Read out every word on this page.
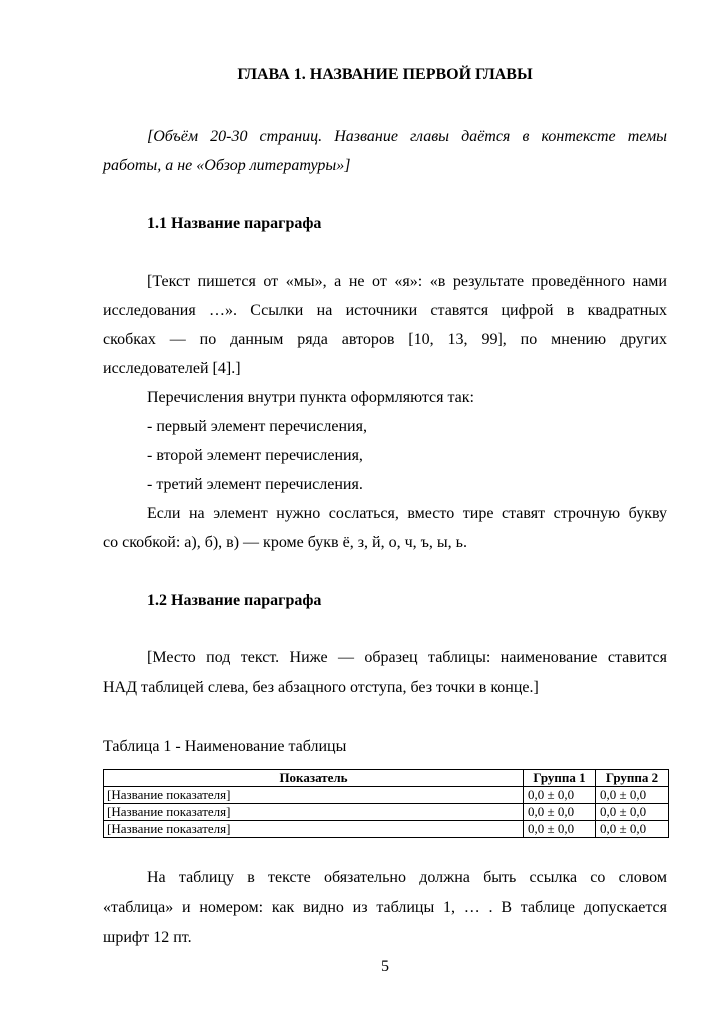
ГЛАВА 1. НАЗВАНИЕ ПЕРВОЙ ГЛАВЫ
[Объём 20-30 страниц. Название главы даётся в контексте темы
работы, а не «Обзор литературы»]
1.1 Название параграфа
[Текст пишется от «мы», а не от «я»: «в результате проведённого нами
исследования …». Ссылки на источники ставятся цифрой в квадратных
скобках — по данным ряда авторов [10, 13, 99], по мнению других
исследователей [4].]
Перечисления внутри пункта оформляются так:
- первый элемент перечисления,
- второй элемент перечисления,
- третий элемент перечисления.
Если на элемент нужно сослаться, вместо тире ставят строчную букву
со скобкой: а), б), в) — кроме букв ё, з, й, о, ч, ъ, ы, ь.
1.2 Название параграфа
[Место под текст. Ниже — образец таблицы: наименование ставится
НАД таблицей слева, без абзацного отступа, без точки в конце.]
Таблица 1 - Наименование таблицы
Показатель	Группа 1	Группа 2
[Название показателя]	0,0 ± 0,0	0,0 ± 0,0
[Название показателя]	0,0 ± 0,0	0,0 ± 0,0
[Название показателя]	0,0 ± 0,0	0,0 ± 0,0
На таблицу в тексте обязательно должна быть ссылка со словом
«таблица» и номером: как видно из таблицы 1, … . В таблице допускается
шрифт 12 пт.
5
